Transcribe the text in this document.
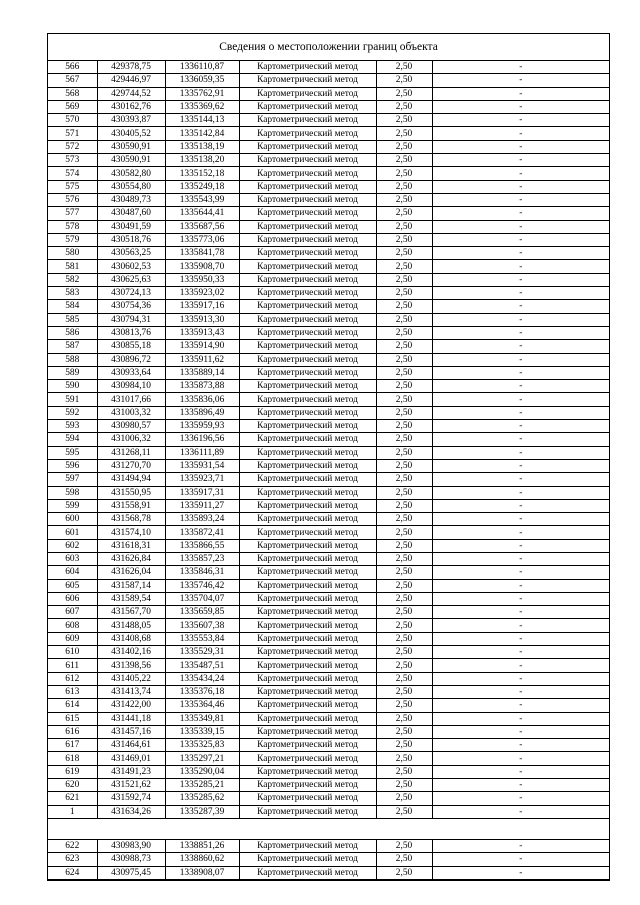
Сведения о местоположении границ объекта
566	429378,75	1336110,87	Картометрический метод	2,50	-
567	429446,97	1336059,35	Картометрический метод	2,50	-
568	429744,52	1335762,91	Картометрический метод	2,50	-
569	430162,76	1335369,62	Картометрический метод	2,50	-
570	430393,87	1335144,13	Картометрический метод	2,50	-
571	430405,52	1335142,84	Картометрический метод	2,50	-
572	430590,91	1335138,19	Картометрический метод	2,50	-
573	430590,91	1335138,20	Картометрический метод	2,50	-
574	430582,80	1335152,18	Картометрический метод	2,50	-
575	430554,80	1335249,18	Картометрический метод	2,50	-
576	430489,73	1335543,99	Картометрический метод	2,50	-
577	430487,60	1335644,41	Картометрический метод	2,50	-
578	430491,59	1335687,56	Картометрический метод	2,50	-
579	430518,76	1335773,06	Картометрический метод	2,50	-
580	430563,25	1335841,78	Картометрический метод	2,50	-
581	430602,53	1335908,70	Картометрический метод	2,50	-
582	430625,63	1335950,33	Картометрический метод	2,50	-
583	430724,13	1335923,02	Картометрический метод	2,50	-
584	430754,36	1335917,16	Картометрический метод	2,50	-
585	430794,31	1335913,30	Картометрический метод	2,50	-
586	430813,76	1335913,43	Картометрический метод	2,50	-
587	430855,18	1335914,90	Картометрический метод	2,50	-
588	430896,72	1335911,62	Картометрический метод	2,50	-
589	430933,64	1335889,14	Картометрический метод	2,50	-
590	430984,10	1335873,88	Картометрический метод	2,50	-
591	431017,66	1335836,06	Картометрический метод	2,50	-
592	431003,32	1335896,49	Картометрический метод	2,50	-
593	430980,57	1335959,93	Картометрический метод	2,50	-
594	431006,32	1336196,56	Картометрический метод	2,50	-
595	431268,11	1336111,89	Картометрический метод	2,50	-
596	431270,70	1335931,54	Картометрический метод	2,50	-
597	431494,94	1335923,71	Картометрический метод	2,50	-
598	431550,95	1335917,31	Картометрический метод	2,50	-
599	431558,91	1335911,27	Картометрический метод	2,50	-
600	431568,78	1335893,24	Картометрический метод	2,50	-
601	431574,10	1335872,41	Картометрический метод	2,50	-
602	431618,31	1335866,55	Картометрический метод	2,50	-
603	431626,84	1335857,23	Картометрический метод	2,50	-
604	431626,04	1335846,31	Картометрический метод	2,50	-
605	431587,14	1335746,42	Картометрический метод	2,50	-
606	431589,54	1335704,07	Картометрический метод	2,50	-
607	431567,70	1335659,85	Картометрический метод	2,50	-
608	431488,05	1335607,38	Картометрический метод	2,50	-
609	431408,68	1335553,84	Картометрический метод	2,50	-
610	431402,16	1335529,31	Картометрический метод	2,50	-
611	431398,56	1335487,51	Картометрический метод	2,50	-
612	431405,22	1335434,24	Картометрический метод	2,50	-
613	431413,74	1335376,18	Картометрический метод	2,50	-
614	431422,00	1335364,46	Картометрический метод	2,50	-
615	431441,18	1335349,81	Картометрический метод	2,50	-
616	431457,16	1335339,15	Картометрический метод	2,50	-
617	431464,61	1335325,83	Картометрический метод	2,50	-
618	431469,01	1335297,21	Картометрический метод	2,50	-
619	431491,23	1335290,04	Картометрический метод	2,50	-
620	431521,62	1335285,21	Картометрический метод	2,50	-
621	431592,74	1335285,62	Картометрический метод	2,50	-
1	431634,26	1335287,39	Картометрический метод	2,50	-

622	430983,90	1338851,26	Картометрический метод	2,50	-
623	430988,73	1338860,62	Картометрический метод	2,50	-
624	430975,45	1338908,07	Картометрический метод	2,50	-
